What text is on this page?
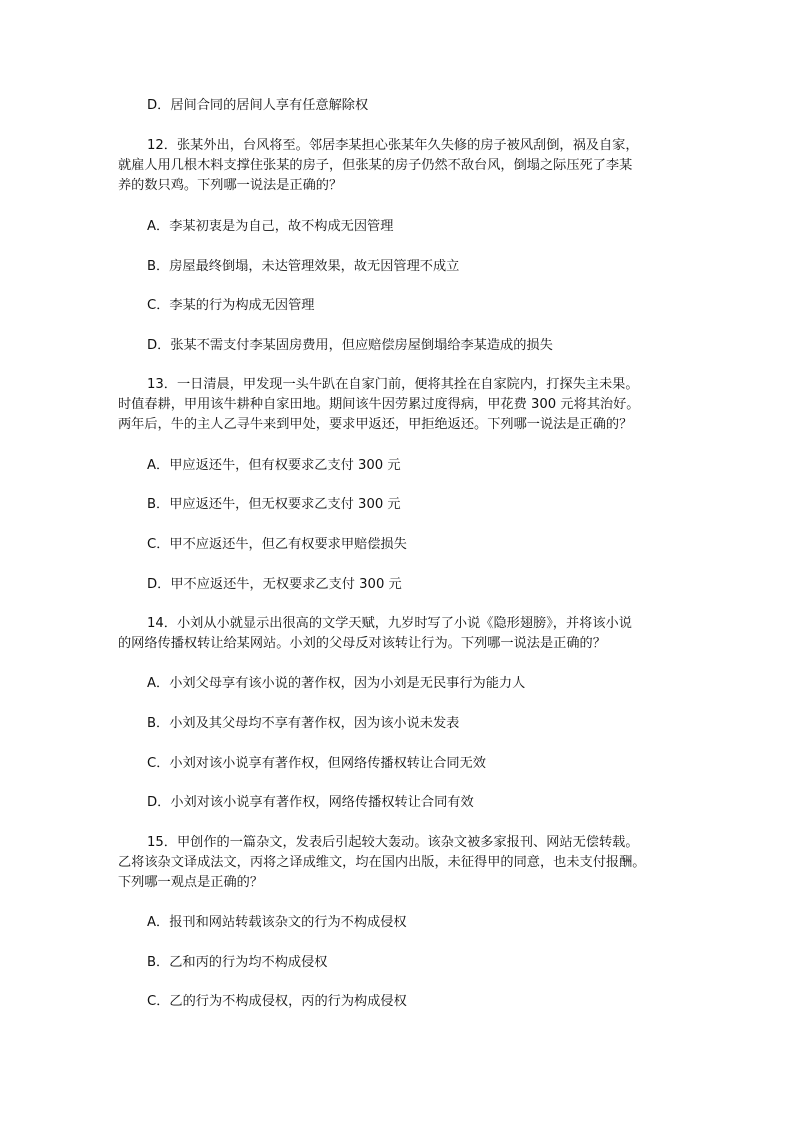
D．居间合同的居间人享有任意解除权
12．张某外出，台风将至。邻居李某担心张某年久失修的房子被风刮倒，祸及自家，
就雇人用几根木料支撑住张某的房子，但张某的房子仍然不敌台风，倒塌之际压死了李某
养的数只鸡。下列哪一说法是正确的？
A．李某初衷是为自己，故不构成无因管理
B．房屋最终倒塌，未达管理效果，故无因管理不成立
C．李某的行为构成无因管理
D．张某不需支付李某固房费用，但应赔偿房屋倒塌给李某造成的损失
13．一日清晨，甲发现一头牛趴在自家门前，便将其拴在自家院内，打探失主未果。
时值春耕，甲用该牛耕种自家田地。期间该牛因劳累过度得病，甲花费 300 元将其治好。
两年后，牛的主人乙寻牛来到甲处，要求甲返还，甲拒绝返还。下列哪一说法是正确的？
A．甲应返还牛，但有权要求乙支付 300 元
B．甲应返还牛，但无权要求乙支付 300 元
C．甲不应返还牛，但乙有权要求甲赔偿损失
D．甲不应返还牛，无权要求乙支付 300 元
14．小刘从小就显示出很高的文学天赋，九岁时写了小说《隐形翅膀》，并将该小说
的网络传播权转让给某网站。小刘的父母反对该转让行为。下列哪一说法是正确的？
A．小刘父母享有该小说的著作权，因为小刘是无民事行为能力人
B．小刘及其父母均不享有著作权，因为该小说未发表
C．小刘对该小说享有著作权，但网络传播权转让合同无效
D．小刘对该小说享有著作权，网络传播权转让合同有效
15．甲创作的一篇杂文，发表后引起较大轰动。该杂文被多家报刊、网站无偿转载。
乙将该杂文译成法文，丙将之译成维文，均在国内出版，未征得甲的同意，也未支付报酬。
下列哪一观点是正确的？
A．报刊和网站转载该杂文的行为不构成侵权
B．乙和丙的行为均不构成侵权
C．乙的行为不构成侵权，丙的行为构成侵权
